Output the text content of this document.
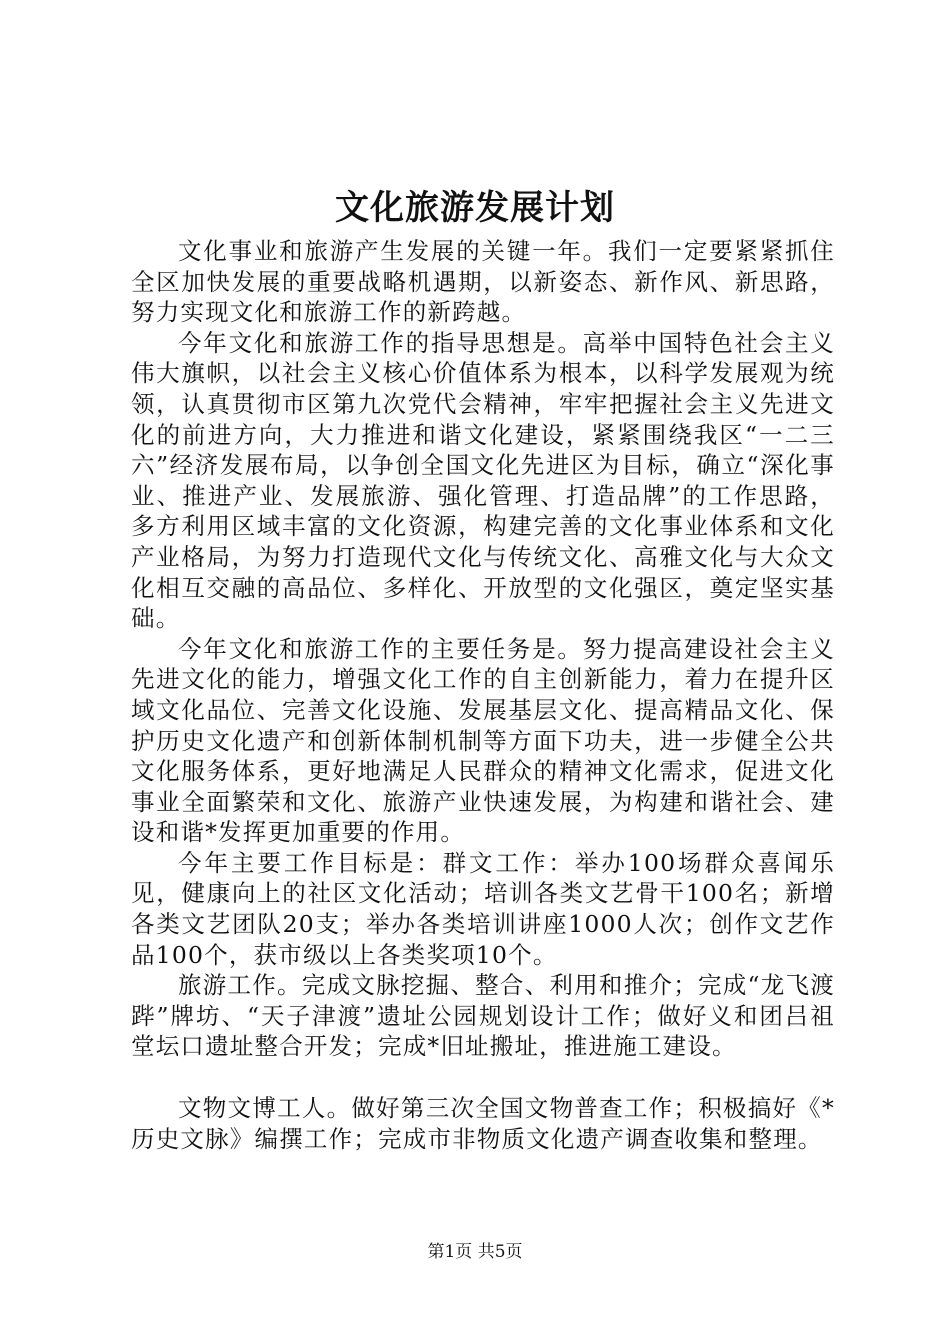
文化旅游发展计划

文化事业和旅游产生发展的关键一年。我们一定要紧紧抓住全区加快发展的重要战略机遇期，以新姿态、新作风、新思路，努力实现文化和旅游工作的新跨越。

今年文化和旅游工作的指导思想是。高举中国特色社会主义伟大旗帜，以社会主义核心价值体系为根本，以科学发展观为统领，认真贯彻市区第九次党代会精神，牢牢把握社会主义先进文化的前进方向，大力推进和谐文化建设，紧紧围绕我区“一二三六”经济发展布局，以争创全国文化先进区为目标，确立“深化事业、推进产业、发展旅游、强化管理、打造品牌”的工作思路，多方利用区域丰富的文化资源，构建完善的文化事业体系和文化产业格局，为努力打造现代文化与传统文化、高雅文化与大众文化相互交融的高品位、多样化、开放型的文化强区，奠定坚实基础。

今年文化和旅游工作的主要任务是。努力提高建设社会主义先进文化的能力，增强文化工作的自主创新能力，着力在提升区域文化品位、完善文化设施、发展基层文化、提高精品文化、保护历史文化遗产和创新体制机制等方面下功夫，进一步健全公共文化服务体系，更好地满足人民群众的精神文化需求，促进文化事业全面繁荣和文化、旅游产业快速发展，为构建和谐社会、建设和谐*发挥更加重要的作用。

今年主要工作目标是：群文工作：举办100场群众喜闻乐见，健康向上的社区文化活动；培训各类文艺骨干100名；新增各类文艺团队20支；举办各类培训讲座1000人次；创作文艺作品100个，获市级以上各类奖项10个。

旅游工作。完成文脉挖掘、整合、利用和推介；完成“龙飞渡跸”牌坊、“天子津渡”遗址公园规划设计工作；做好义和团吕祖堂坛口遗址整合开发；完成*旧址搬址，推进施工建设。

文物文博工人。做好第三次全国文物普查工作；积极搞好《*历史文脉》编撰工作；完成市非物质文化遗产调查收集和整理。

第1页 共5页
